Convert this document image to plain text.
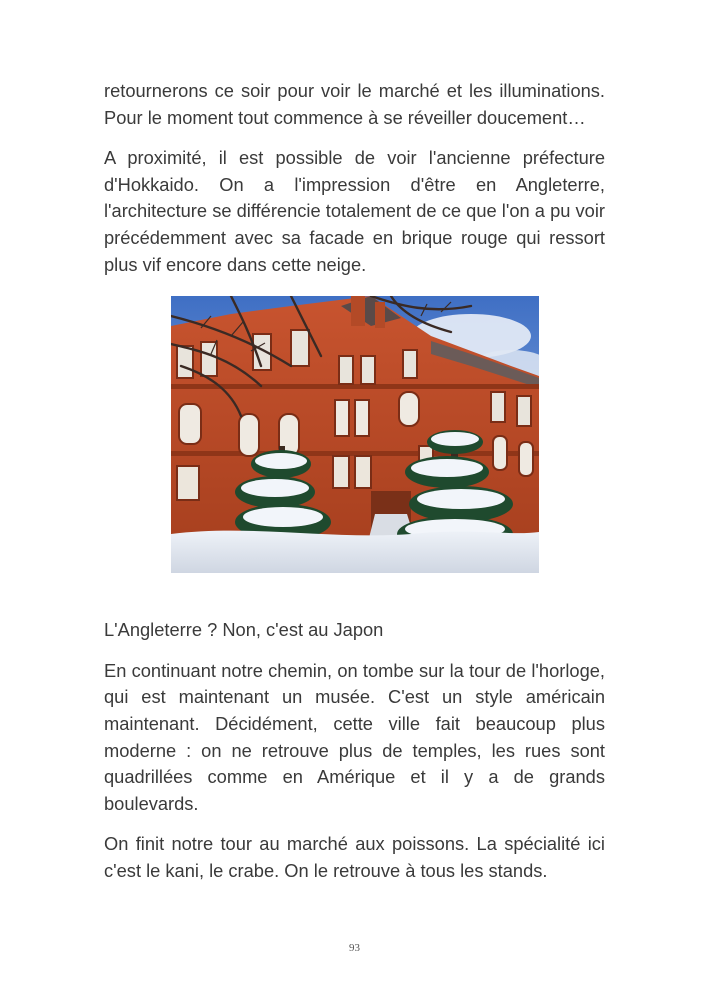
retournerons ce soir pour voir le marché et les illuminations. Pour le moment tout commence à se réveiller doucement…

A proximité, il est possible de voir l'ancienne préfecture d'Hokkaido. On a l'impression d'être en Angleterre, l'architecture se différencie totalement de ce que l'on a pu voir précédemment avec sa facade en brique rouge qui ressort plus vif encore dans cette neige.

L'Angleterre ? Non, c'est au Japon

En continuant notre chemin, on tombe sur la tour de l'horloge, qui est maintenant un musée. C'est un style américain maintenant. Décidément, cette ville fait beaucoup plus moderne : on ne retrouve plus de temples, les rues sont quadrillées comme en Amérique et il y a de grands boulevards.

On finit notre tour au marché aux poissons. La spécialité ici c'est le kani, le crabe. On le retrouve à tous les stands.

93
